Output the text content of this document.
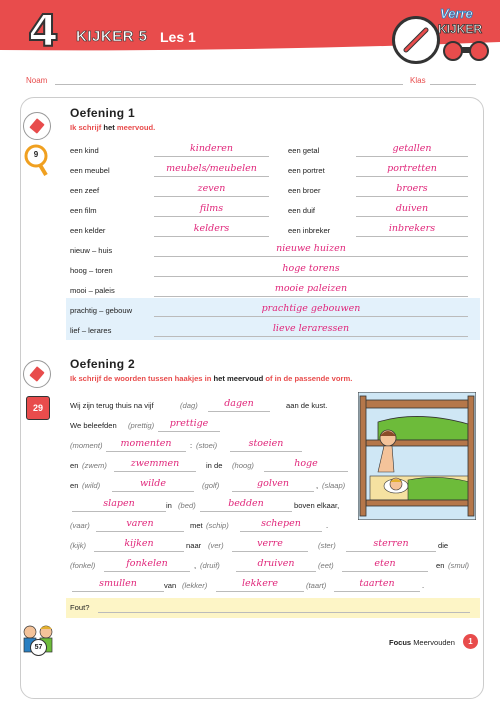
4 KIJKER 5 Les 1
Verre
KIJKER
Noam	Klas
9
Oefening 1
Ik schrijf het meervoud.
een kind	kinderen	een getal	getallen
een meubel	meubels/meubelen	een portret	portretten
een zeef	zeven	een broer	broers
een film	films	een duif	duiven
een kelder	kelders	een inbreker	inbrekers
nieuw – huis	nieuwe huizen
hoog – toren	hoge torens
mooi – paleis	mooie paleizen
prachtig – gebouw	prachtige gebouwen
lief – lerares	lieve leraressen
29
Oefening 2
Ik schrijf de woorden tussen haakjes in het meervoud of in de passende vorm.
Wij zijn terug thuis na vijf	(dag)	dagen	aan de kust.
We beleefden (prettig)	prettige
(moment)	momenten	: (stoei)	stoeien
en (zwem)	zwemmen	in de (hoog)	hoge
en (wild)	wilde	(golf)	golven	, (slaap)
slapen	in (bed)	bedden	boven elkaar,
(vaar)	varen	met (schip)	schepen	.
(kijk)	kijken	naar (ver)	verre	(ster)	sterren	die
(fonkel)	fonkelen	, (druif)	druiven	(eet)	eten	en (smul)
smullen	van (lekker)	lekkere	(taart)	taarten	.
Fout?
57
Focus Meervouden	1
